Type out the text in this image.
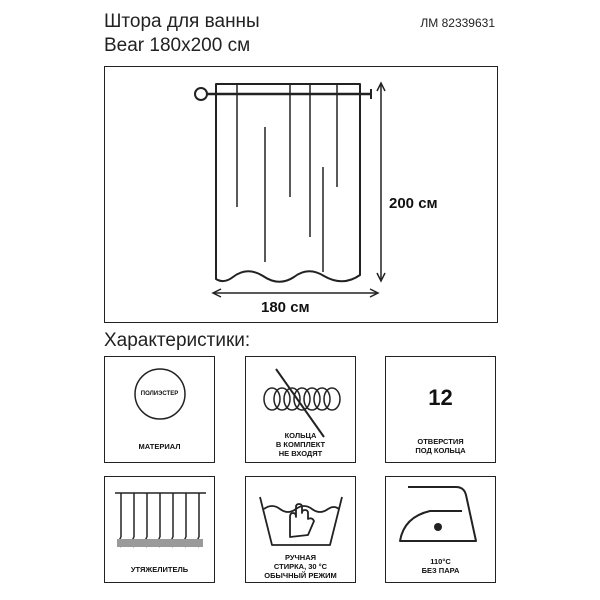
Штора для ванны
Bear 180x200 см
ЛМ 82339631
200 см
180 см
Характеристики:
ПОЛИЭСТЕР
МАТЕРИАЛ
КОЛЬЦА
В КОМПЛЕКТ
НЕ ВХОДЯТ
12
ОТВЕРСТИЯ
ПОД КОЛЬЦА
УТЯЖЕЛИТЕЛЬ
РУЧНАЯ
СТИРКА, 30 °C
ОБЫЧНЫЙ РЕЖИМ
110°C
БЕЗ ПАРА
